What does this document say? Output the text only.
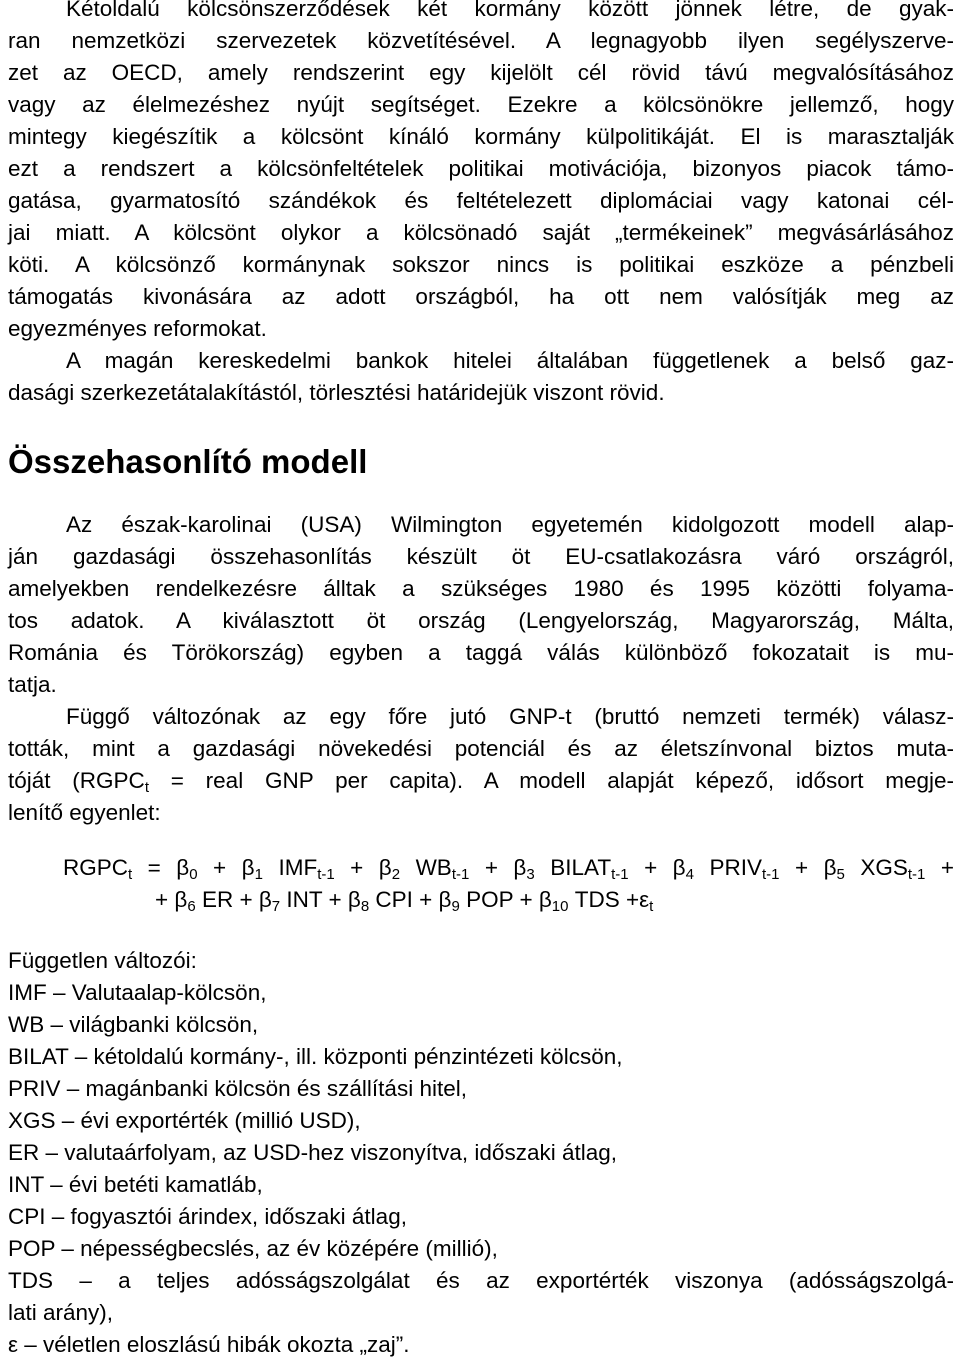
Kétoldalú kölcsönszerződések két kormány között jönnek létre, de gyak-
ran nemzetközi szervezetek közvetítésével. A legnagyobb ilyen segélyszerve-
zet az OECD, amely rendszerint egy kijelölt cél rövid távú megvalósításához
vagy az élelmezéshez nyújt segítséget. Ezekre a kölcsönökre jellemző, hogy
mintegy kiegészítik a kölcsönt kínáló kormány külpolitikáját. El is marasztalják
ezt a rendszert a kölcsönfeltételek politikai motivációja, bizonyos piacok támo-
gatása, gyarmatosító szándékok és feltételezett diplomáciai vagy katonai cél-
jai miatt. A kölcsönt olykor a kölcsönadó saját „termékeinek” megvásárlásához
köti. A kölcsönző kormánynak sokszor nincs is politikai eszköze a pénzbeli
támogatás kivonására az adott országból, ha ott nem valósítják meg az
egyezményes reformokat.
A magán kereskedelmi bankok hitelei általában függetlenek a belső gaz-
dasági szerkezetátalakítástól, törlesztési határidejük viszont rövid.
Összehasonlító modell
Az észak-karolinai (USA) Wilmington egyetemén kidolgozott modell alap-
ján gazdasági összehasonlítás készült öt EU-csatlakozásra váró országról,
amelyekben rendelkezésre álltak a szükséges 1980 és 1995 közötti folyama-
tos adatok. A kiválasztott öt ország (Lengyelország, Magyarország, Málta,
Románia és Törökország) egyben a taggá válás különböző fokozatait is mu-
tatja.
Függő változónak az egy főre jutó GNP-t (bruttó nemzeti termék) válasz-
tották, mint a gazdasági növekedési potenciál és az életszínvonal biztos muta-
tóját ($RGPC_t$ = real GNP per capita). A modell alapját képező, idősort megje-
lenítő egyenlet:
$RGPC_t = \beta_0 + \beta_1$ $IMF_{t-1} + \beta_2$ $WB_{t-1} + \beta_3$ $BILAT_{t-1} + \beta_4$ $PRIV_{t-1} + \beta_5$ $XGS_{t-1}$ +
+ $\beta_6$ ER + $\beta_7$ INT + $\beta_8$ CPI + $\beta_9$ POP + $\beta_{10}$ TDS $+\varepsilon_t$
Független változói:
IMF – Valutaalap-kölcsön,
WB – világbanki kölcsön,
BILAT – kétoldalú kormány-, ill. központi pénzintézeti kölcsön,
PRIV – magánbanki kölcsön és szállítási hitel,
XGS – évi exportérték (millió USD),
ER – valutaárfolyam, az USD-hez viszonyítva, időszaki átlag,
INT – évi betéti kamatláb,
CPI – fogyasztói árindex, időszaki átlag,
POP – népességbecslés, az év középére (millió),
TDS – a teljes adósságszolgálat és az exportérték viszonya (adósságszolgá-
lati arány),
ε – véletlen eloszlású hibák okozta „zaj”.
